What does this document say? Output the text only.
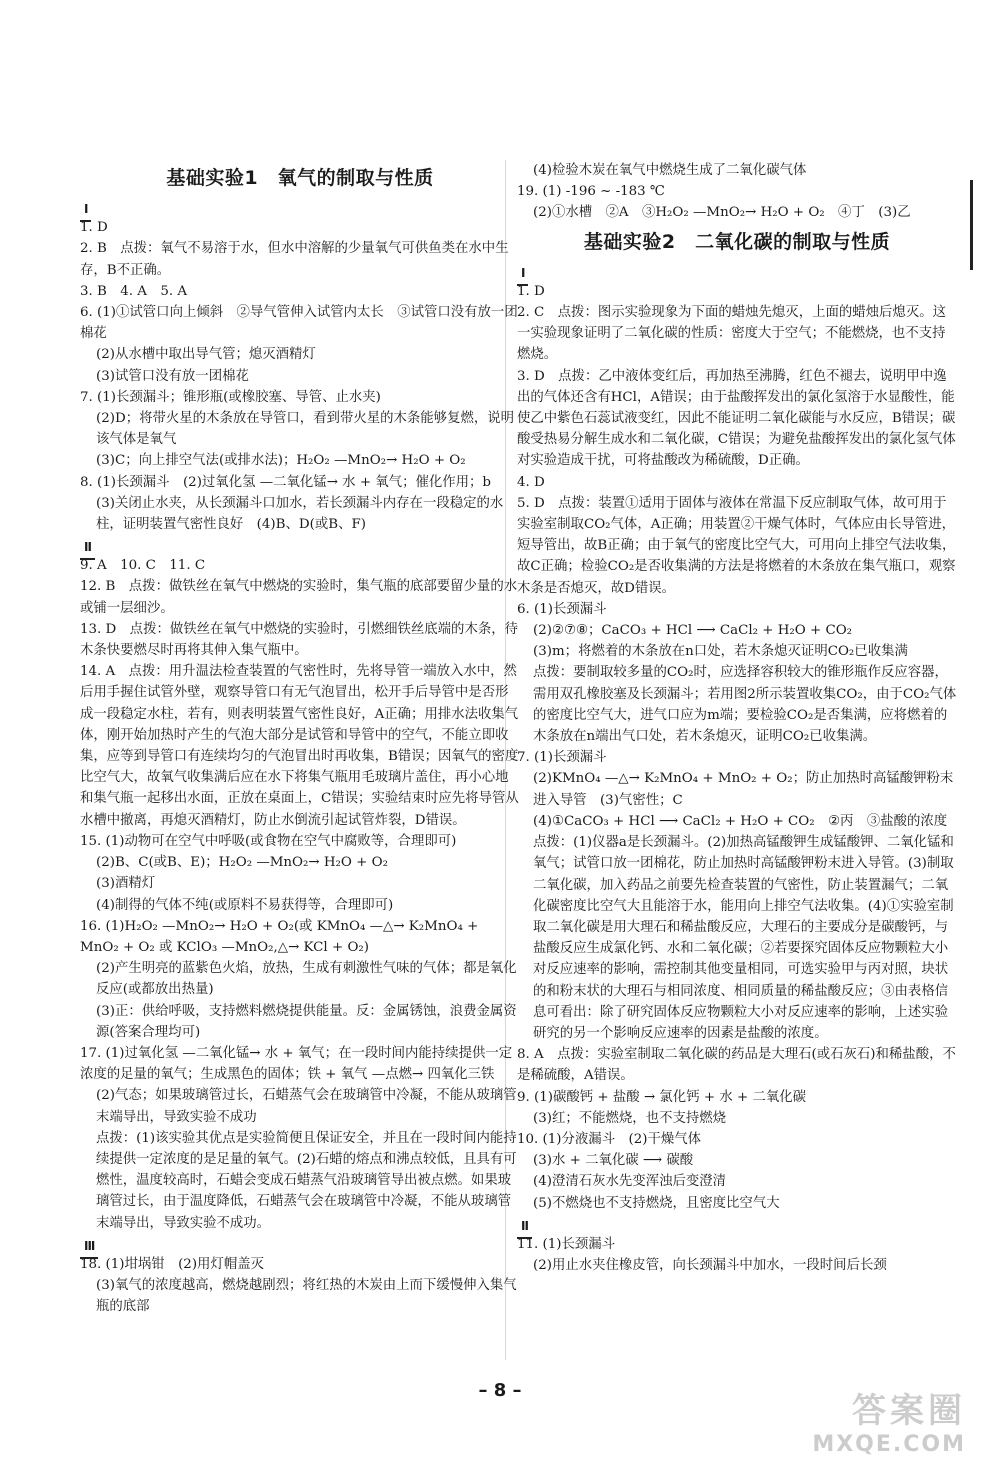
基础实验1　氧气的制取与性质
I

1. D

2. B　点拨：氧气不易溶于水，但水中溶解的少量氧气可供鱼类在水中生存，B不正确。

3. B　4. A　5. A

6. (1)①试管口向上倾斜　②导气管伸入试管内太长　③试管口没有放一团棉花

(2)从水槽中取出导气管；熄灭酒精灯

(3)试管口没有放一团棉花

7. (1)长颈漏斗；锥形瓶(或橡胶塞、导管、止水夹)

(2)D；将带火星的木条放在导管口，看到带火星的木条能够复燃，说明该气体是氧气

(3)C；向上排空气法(或排水法)；H₂O₂ —MnO₂→ H₂O + O₂

8. (1)长颈漏斗　(2)过氧化氢 —二氧化锰→ 水 + 氧气；催化作用；b

(3)关闭止水夹，从长颈漏斗口加水，若长颈漏斗内存在一段稳定的水柱，证明装置气密性良好　(4)B、D(或B、F)

II

9. A　10. C　11. C

12. B　点拨：做铁丝在氧气中燃烧的实验时，集气瓶的底部要留少量的水或铺一层细沙。

13. D　点拨：做铁丝在氧气中燃烧的实验时，引燃细铁丝底端的木条，待木条快要燃尽时再将其伸入集气瓶中。

14. A　点拨：用升温法检查装置的气密性时，先将导管一端放入水中，然后用手握住试管外壁，观察导管口有无气泡冒出，松开手后导管中是否形成一段稳定水柱，若有，则表明装置气密性良好，A正确；用排水法收集气体，刚开始加热时产生的气泡大部分是试管和导管中的空气，不能立即收集，应等到导管口有连续均匀的气泡冒出时再收集，B错误；因氧气的密度比空气大，故氧气收集满后应在水下将集气瓶用毛玻璃片盖住，再小心地和集气瓶一起移出水面，正放在桌面上，C错误；实验结束时应先将导管从水槽中撤离，再熄灭酒精灯，防止水倒流引起试管炸裂，D错误。

15. (1)动物可在空气中呼吸(或食物在空气中腐败等，合理即可)

(2)B、C(或B、E)；H₂O₂ —MnO₂→ H₂O + O₂

(3)酒精灯

(4)制得的气体不纯(或原料不易获得等，合理即可)

16. (1)H₂O₂ —MnO₂→ H₂O + O₂(或 KMnO₄ —△→ K₂MnO₄ + MnO₂ + O₂ 或 KClO₃ —MnO₂,△→ KCl + O₂)

(2)产生明亮的蓝紫色火焰，放热，生成有刺激性气味的气体；都是氧化反应(或都放出热量)

(3)正：供给呼吸，支持燃料燃烧提供能量。反：金属锈蚀，浪费金属资源(答案合理均可)

17. (1)过氧化氢 —二氧化锰→ 水 + 氧气；在一段时间内能持续提供一定浓度的足量的氧气；生成黑色的固体；铁 + 氧气 —点燃→ 四氧化三铁

(2)气态；如果玻璃管过长，石蜡蒸气会在玻璃管中冷凝，不能从玻璃管末端导出，导致实验不成功

点拨：(1)该实验其优点是实验简便且保证安全，并且在一段时间内能持续提供一定浓度的是足量的氧气。(2)石蜡的熔点和沸点较低，且具有可燃性，温度较高时，石蜡会变成石蜡蒸气沿玻璃管导出被点燃。如果玻璃管过长，由于温度降低，石蜡蒸气会在玻璃管中冷凝，不能从玻璃管末端导出，导致实验不成功。

III

18. (1)坩埚钳　(2)用灯帽盖灭

(3)氧气的浓度越高，燃烧越剧烈；将红热的木炭由上而下缓慢伸入集气瓶的底部

(4)检验木炭在氧气中燃烧生成了二氧化碳气体

19. (1) -196 ~ -183 ℃

(2)①水槽　②A　③H₂O₂ —MnO₂→ H₂O + O₂　④丁　(3)乙

基础实验2　二氧化碳的制取与性质
I

1. D

2. C　点拨：图示实验现象为下面的蜡烛先熄灭，上面的蜡烛后熄灭。这一实验现象证明了二氧化碳的性质：密度大于空气；不能燃烧，也不支持燃烧。

3. D　点拨：乙中液体变红后，再加热至沸腾，红色不褪去，说明甲中逸出的气体还含有HCl，A错误；由于盐酸挥发出的氯化氢溶于水显酸性，能使乙中紫色石蕊试液变红，因此不能证明二氧化碳能与水反应，B错误；碳酸受热易分解生成水和二氧化碳，C错误；为避免盐酸挥发出的氯化氢气体对实验造成干扰，可将盐酸改为稀硫酸，D正确。

4. D

5. D　点拨：装置①适用于固体与液体在常温下反应制取气体，故可用于实验室制取CO₂气体，A正确；用装置②干燥气体时，气体应由长导管进，短导管出，故B正确；由于氧气的密度比空气大，可用向上排空气法收集，故C正确；检验CO₂是否收集满的方法是将燃着的木条放在集气瓶口，观察木条是否熄灭，故D错误。

6. (1)长颈漏斗

(2)②⑦⑧；CaCO₃ + HCl ⟶ CaCl₂ + H₂O + CO₂

(3)m；将燃着的木条放在n口处，若木条熄灭证明CO₂已收集满

点拨：要制取较多量的CO₂时，应选择容积较大的锥形瓶作反应容器，需用双孔橡胶塞及长颈漏斗；若用图2所示装置收集CO₂，由于CO₂气体的密度比空气大，进气口应为m端；要检验CO₂是否集满，应将燃着的木条放在n端出气口处，若木条熄灭，证明CO₂已收集满。

7. (1)长颈漏斗

(2)KMnO₄ —△→ K₂MnO₄ + MnO₂ + O₂；防止加热时高锰酸钾粉末进入导管　(3)气密性；C

(4)①CaCO₃ + HCl ⟶ CaCl₂ + H₂O + CO₂　②丙　③盐酸的浓度

点拨：(1)仪器a是长颈漏斗。(2)加热高锰酸钾生成锰酸钾、二氧化锰和氧气；试管口放一团棉花，防止加热时高锰酸钾粉末进入导管。(3)制取二氧化碳，加入药品之前要先检查装置的气密性，防止装置漏气；二氧化碳密度比空气大且能溶于水，能用向上排空气法收集。(4)①实验室制取二氧化碳是用大理石和稀盐酸反应，大理石的主要成分是碳酸钙，与盐酸反应生成氯化钙、水和二氧化碳；②若要探究固体反应物颗粒大小对反应速率的影响，需控制其他变量相同，可选实验甲与丙对照，块状的和粉末状的大理石与相同浓度、相同质量的稀盐酸反应；③由表格信息可看出：除了研究固体反应物颗粒大小对反应速率的影响，上述实验研究的另一个影响反应速率的因素是盐酸的浓度。

8. A　点拨：实验室制取二氧化碳的药品是大理石(或石灰石)和稀盐酸，不是稀硫酸，A错误。

9. (1)碳酸钙 + 盐酸 → 氯化钙 + 水 + 二氧化碳

(3)红；不能燃烧，也不支持燃烧

10. (1)分液漏斗　(2)干燥气体

(3)水 + 二氧化碳 ⟶ 碳酸

(4)澄清石灰水先变浑浊后变澄清

(5)不燃烧也不支持燃烧，且密度比空气大

II

11. (1)长颈漏斗

(2)用止水夹住橡皮管，向长颈漏斗中加水，一段时间后长颈

– 8 –
答案圈
MXQE.COM
